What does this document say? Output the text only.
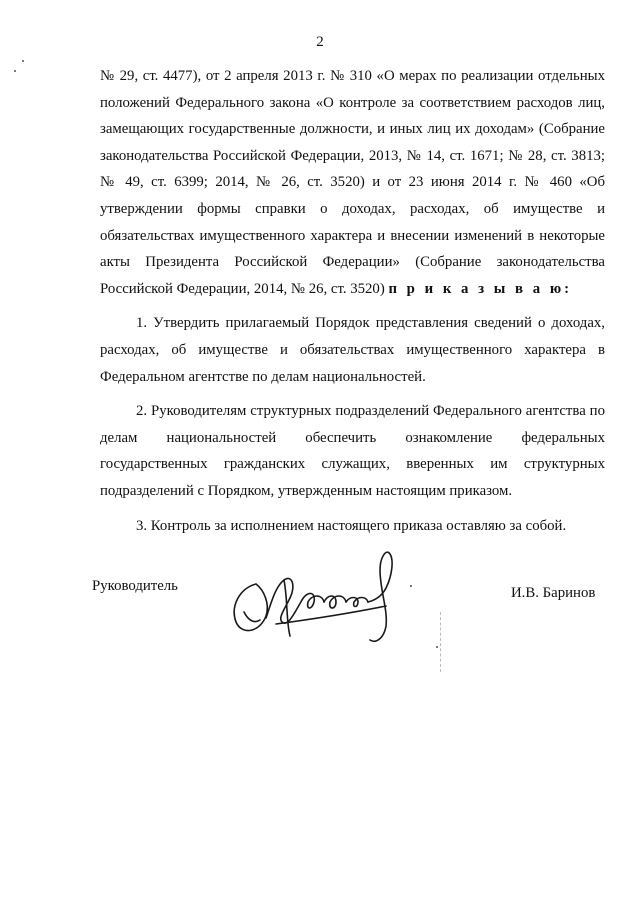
2

№ 29, ст. 4477), от 2 апреля 2013 г. № 310 «О мерах по реализации отдельных положений Федерального закона «О контроле за соответствием расходов лиц, замещающих государственные должности, и иных лиц их доходам» (Собрание законодательства Российской Федерации, 2013, № 14, ст. 1671; № 28, ст. 3813; № 49, ст. 6399; 2014, № 26, ст. 3520) и от 23 июня 2014 г. № 460 «Об утверждении формы справки о доходах, расходах, об имуществе и обязательствах имущественного характера и внесении изменений в некоторые акты Президента Российской Федерации» (Собрание законодательства Российской Федерации, 2014, № 26, ст. 3520) п р и к а з ы в а ю:

1. Утвердить прилагаемый Порядок представления сведений о доходах, расходах, об имуществе и обязательствах имущественного характера в Федеральном агентстве по делам национальностей.

2. Руководителям структурных подразделений Федерального агентства по делам национальностей обеспечить ознакомление федеральных государственных гражданских служащих, вверенных им структурных подразделений с Порядком, утвержденным настоящим приказом.

3. Контроль за исполнением настоящего приказа оставляю за собой.

Руководитель	И.В. Баринов
